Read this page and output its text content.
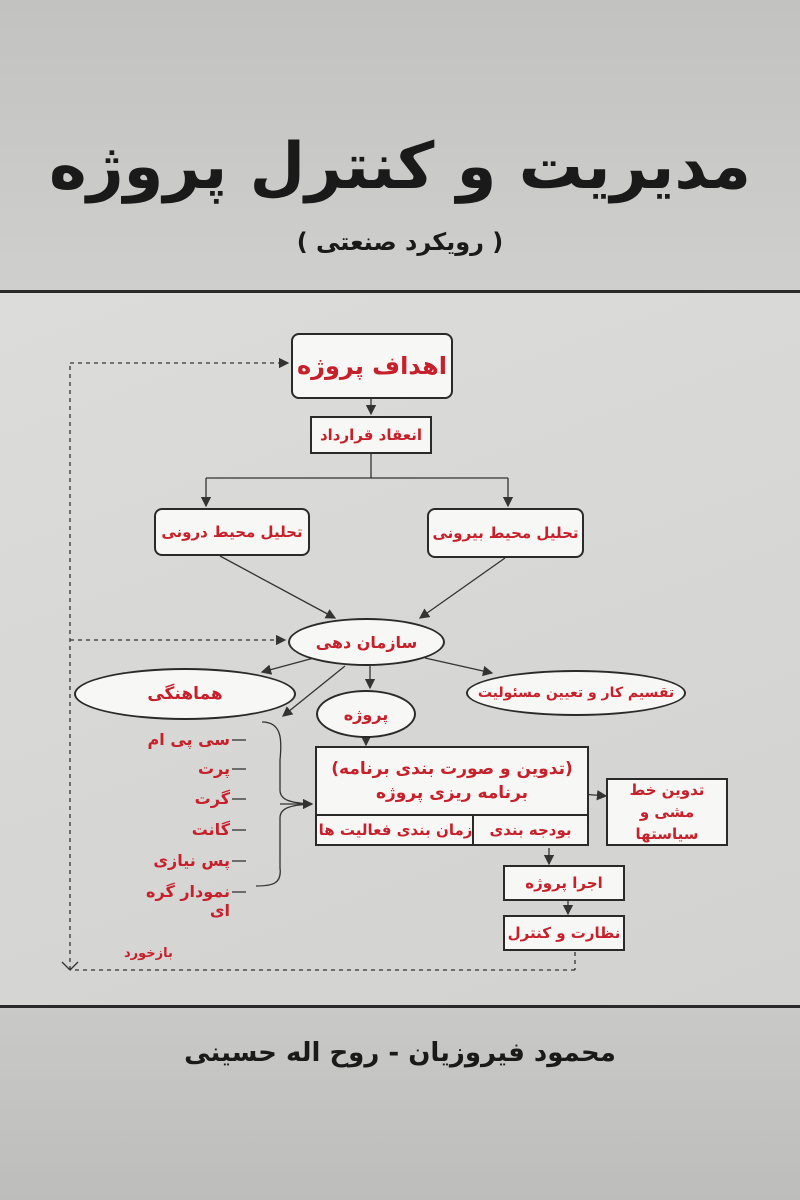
مدیریت و کنترل پروژه
( رویکرد صنعتی )
اهداف پروژه
انعقاد قرارداد
تحلیل محیط درونی	تحلیل محیط بیرونی
سازمان دهی
هماهنگی	تقسیم کار و تعیین مسئولیت
پروژه
(تدوین و صورت بندی برنامه)
برنامه ریزی پروژه
زمان بندی فعالیت ها	بودجه بندی
تدوین خط مشی و سیاستها
اجرا پروژه
نظارت و کنترل
سی پی ام
پرت
گرت
گانت
پس نیازی
نمودار گره ای
بازخورد
محمود فیروزیان - روح اله حسینی
